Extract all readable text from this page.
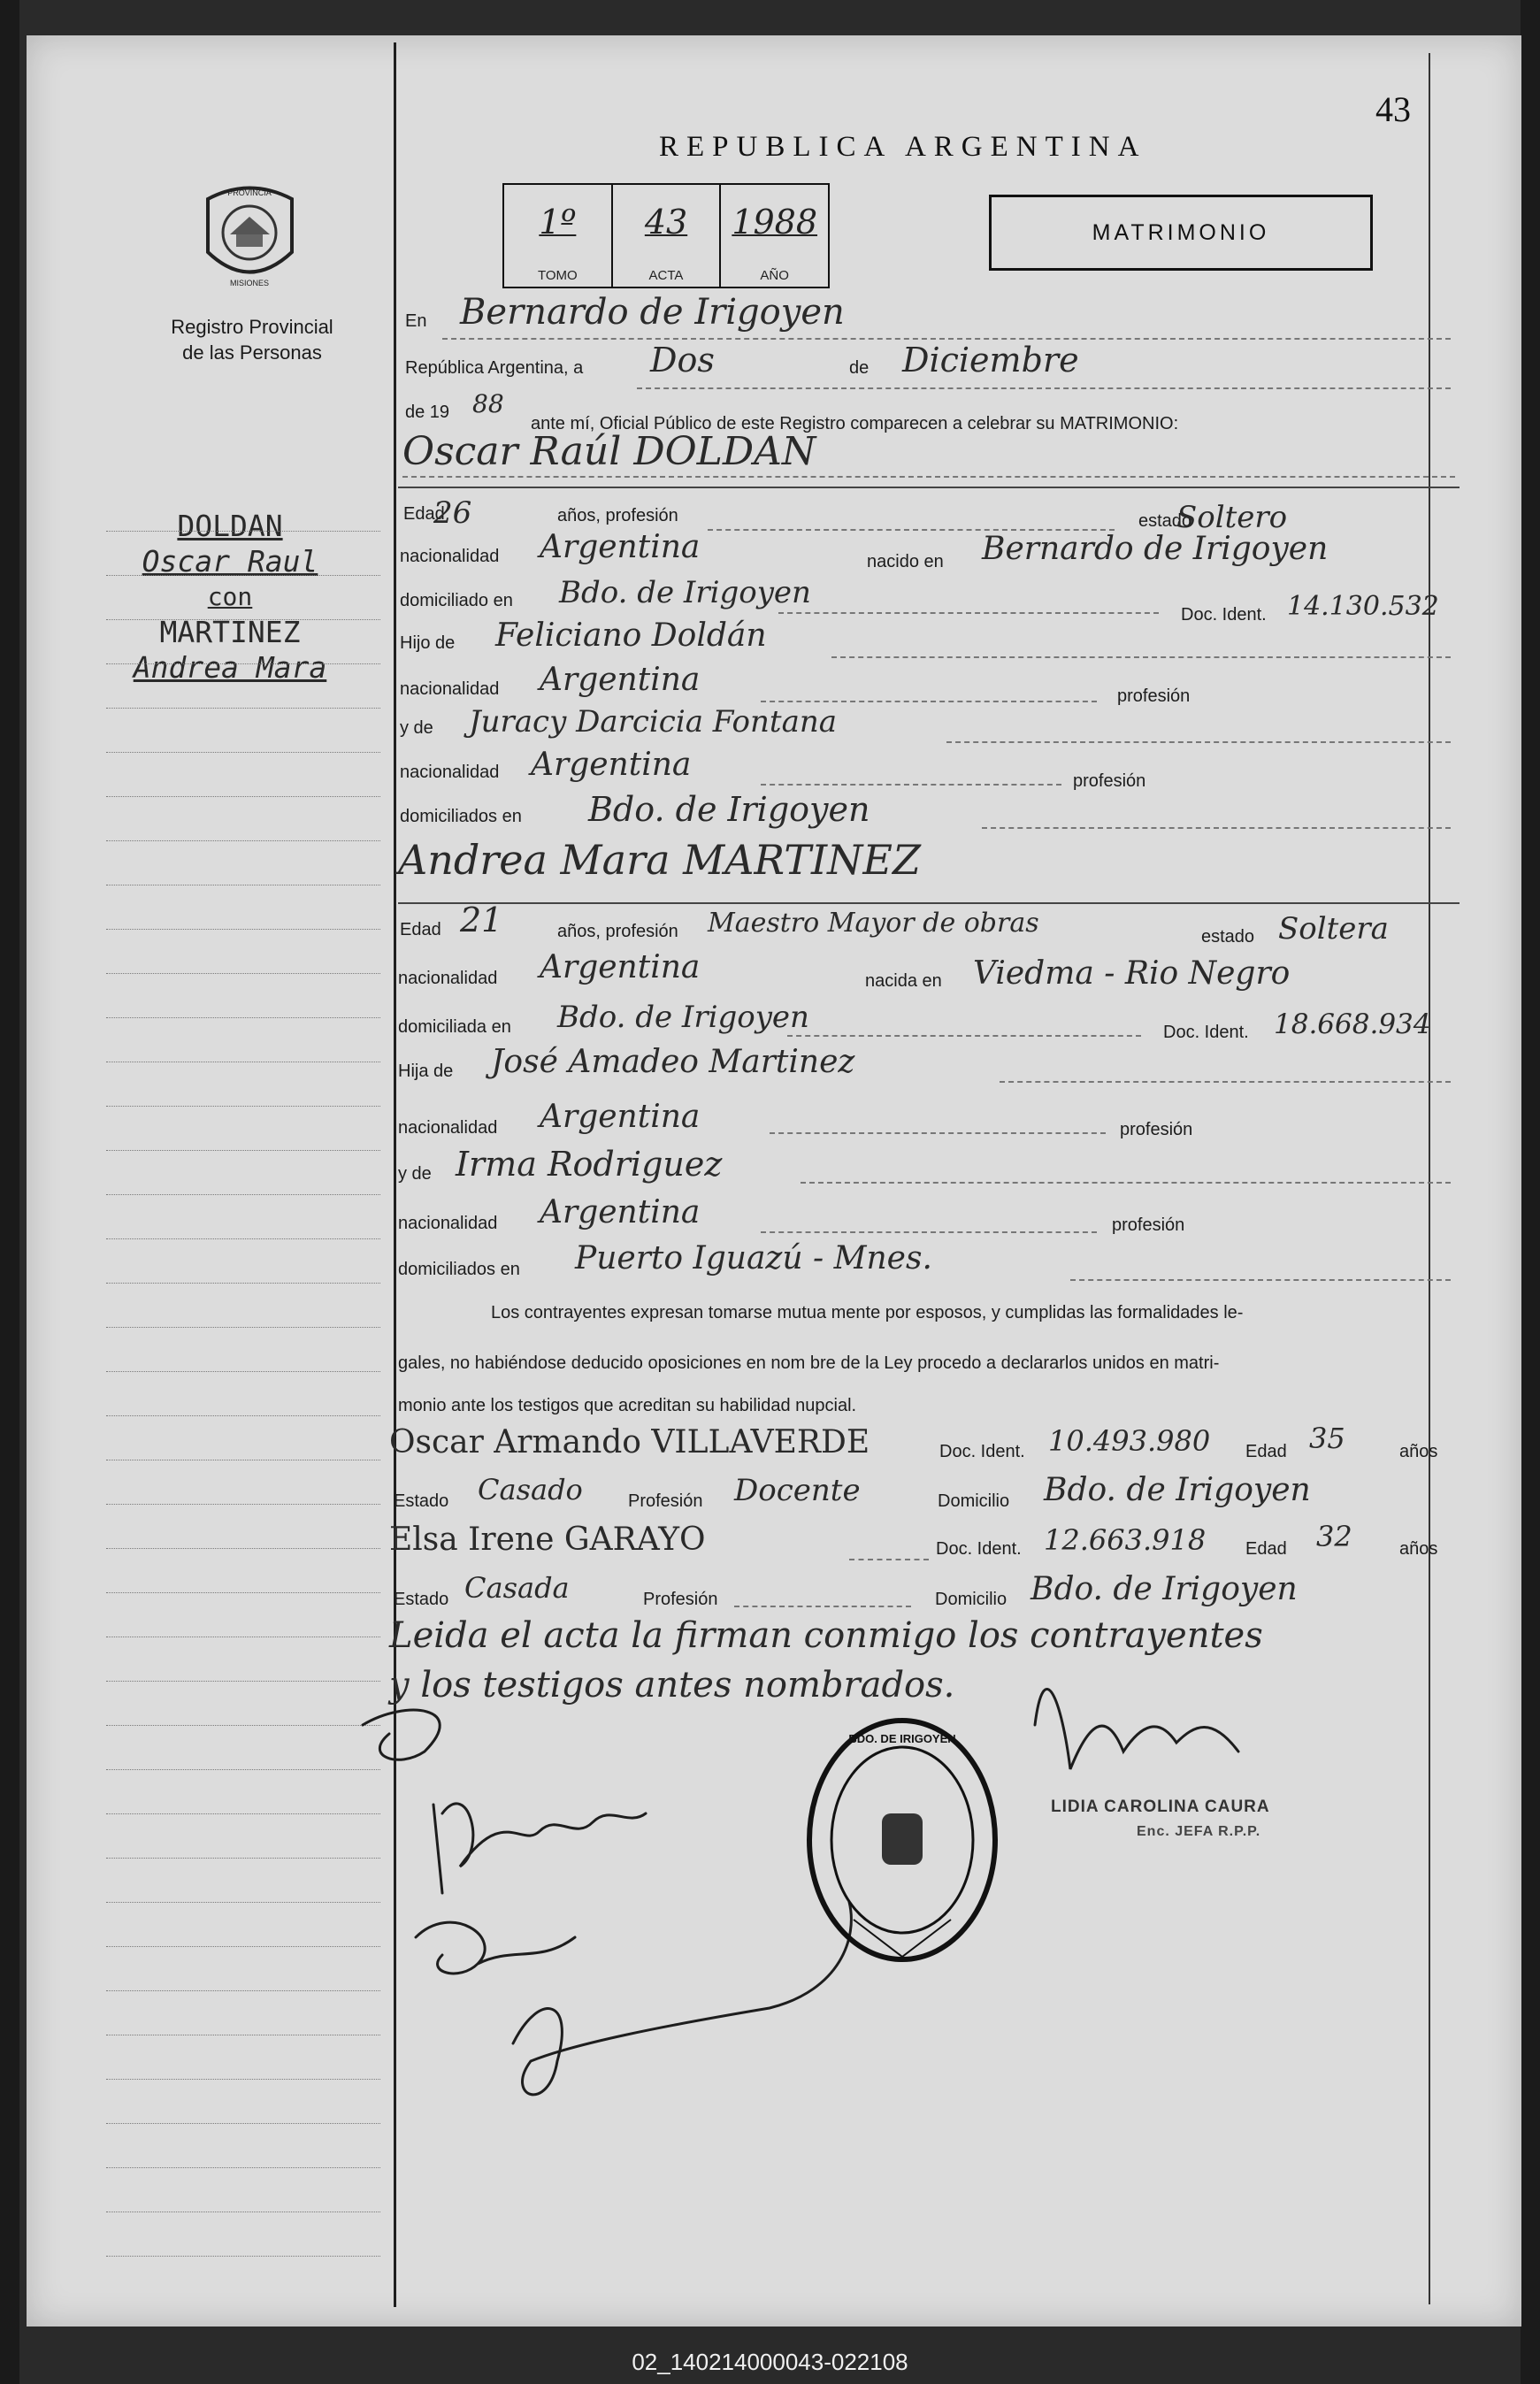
43
REPUBLICA ARGENTINA
PROVINCIA
MISIONES
Registro Provincial
de las Personas
1º
TOMO
43
ACTA
1988
AÑO
MATRIMONIO
DOLDAN
Oscar Raul
con
MARTINEZ
Andrea Mara
En Bernardo de Irigoyen
República Argentina, a Dos	de Diciembre
de 19 88
ante mí, Oficial Público de este Registro comparecen a celebrar su MATRIMONIO:
Oscar Raúl DOLDAN
Edad
26	años, profesión	estado
Soltero
nacionalidad Argentina	nacido en Bernardo de Irigoyen
domiciliado en Bdo. de Irigoyen
Doc. Ident. 14.130.532
Hijo de Feliciano Doldán
nacionalidad Argentina	profesión
y de Juracy Darcicia Fontana
nacionalidad Argentina	profesión
domiciliados en Bdo. de Irigoyen
Andrea Mara MARTINEZ
Edad 21	años, profesión Maestro Mayor de obras	estado Soltera
nacionalidad Argentina	nacida en Viedma - Rio Negro
domiciliada en Bdo. de Irigoyen	Doc. Ident. 18.668.934
Hija de José Amadeo Martinez
nacionalidad Argentina	profesión
y de Irma Rodriguez
nacionalidad Argentina	profesión
domiciliados en Puerto Iguazú - Mnes.
Los contrayentes expresan tomarse mutua mente por esposos, y cumplidas las formalidades le-
gales, no habiéndose deducido oposiciones en nom bre de la Ley procedo a declararlos unidos en matri-
monio ante los testigos que acreditan su habilidad nupcial.
Oscar Armando VILLAVERDE	Doc. Ident. 10.493.980 Edad 35	años
Estado Casado	Profesión Docente	Domicilio Bdo. de Irigoyen
Elsa Irene GARAYO	Doc. Ident. 12.663.918 Edad 32	años
Estado Casada	Profesión	Domicilio Bdo. de Irigoyen
Leida el acta la firman conmigo los contrayentes
y los testigos antes nombrados.
BDO. DE IRIGOYEN
LIDIA CAROLINA CAURA
Enc. JEFA R.P.P.
02_140214000043-022108
